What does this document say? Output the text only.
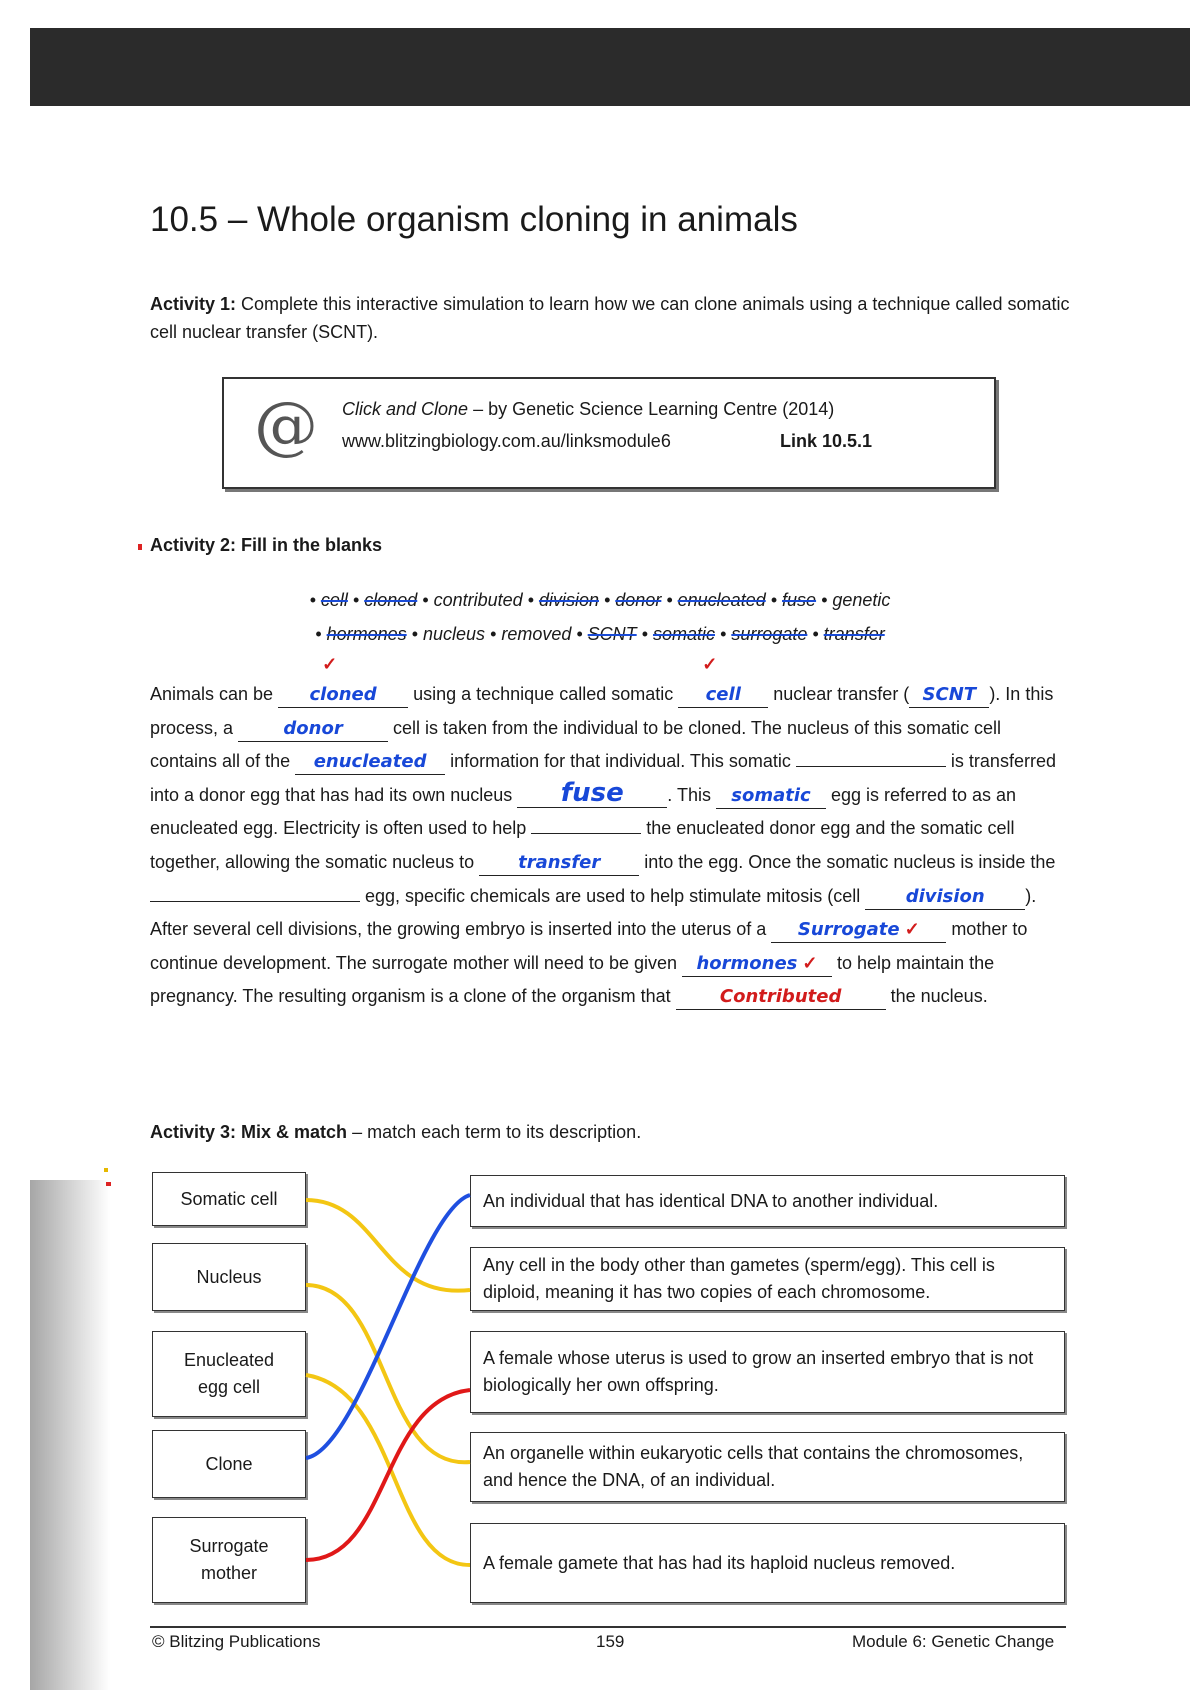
10.5 – Whole organism cloning in animals
Activity 1: Complete this interactive simulation to learn how we can clone animals using a technique called somatic cell nuclear transfer (SCNT).
@ Click and Clone – by Genetic Science Learning Centre (2014)
www.blitzingbiology.com.au/linksmodule6	Link 10.5.1
Activity 2: Fill in the blanks
• cell • cloned • contributed • division • donor • enucleated • fuse • genetic
• hormones • nucleus • removed • SCNT • somatic • surrogate • transfer
Animals can be cloned
✓
using a technique called somatic cell
✓
nuclear transfer ( SCNT ). In this process, a	donor	cell is taken from the individual to be cloned. The nucleus of this somatic cell contains all of the enucleated information for that individual. This somatic	is transferred into a donor egg that has had its own nucleus fuse . This somatic egg is referred to as an enucleated egg. Electricity is often used to help	the enucleated donor egg and the somatic cell together, allowing the somatic nucleus to transfer into the egg. Once the somatic nucleus is inside the  egg, specific chemicals are used to help stimulate mitosis (cell division ). After several cell divisions, the growing embryo is inserted into the uterus of a Surrogate ✓ mother to continue development. The surrogate mother will need to be given hormones ✓ to help maintain the pregnancy. The resulting organism is a clone of the organism that Contributed the nucleus.
Activity 3: Mix & match – match each term to its description.
Somatic cell
Nucleus
Enucleated egg cell
Clone
Surrogate mother
An individual that has identical DNA to another individual.
Any cell in the body other than gametes (sperm/egg). This cell is diploid, meaning it has two copies of each chromosome.
A female whose uterus is used to grow an inserted embryo that is not biologically her own offspring.
An organelle within eukaryotic cells that contains the chromosomes, and hence the DNA, of an individual.
A female gamete that has had its haploid nucleus removed.
© Blitzing Publications	159	Module 6: Genetic Change
